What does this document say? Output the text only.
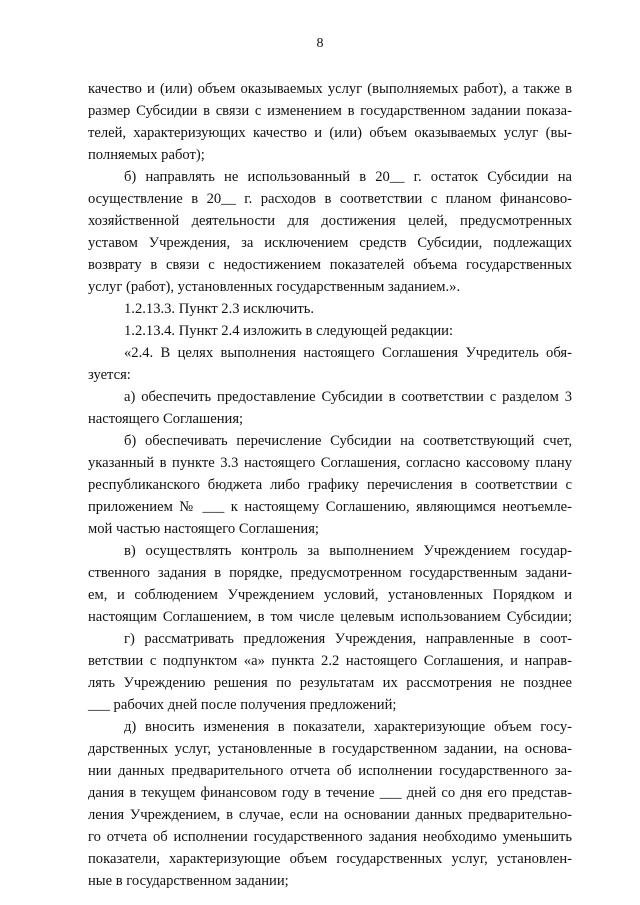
8
качество и (или) объем оказываемых услуг (выполняемых работ), а также в
размер Субсидии в связи с изменением в государственном задании показа-
телей, характеризующих качество и (или) объем оказываемых услуг (вы-
полняемых работ);
б) направлять не использованный в 20__ г. остаток Субсидии на
осуществление в 20__ г. расходов в соответствии с планом финансово-
хозяйственной деятельности для достижения целей, предусмотренных
уставом Учреждения, за исключением средств Субсидии, подлежащих
возврату в связи с недостижением показателей объема государственных
услуг (работ), установленных государственным заданием.».
1.2.13.3. Пункт 2.3 исключить.
1.2.13.4. Пункт 2.4 изложить в следующей редакции:
«2.4. В целях выполнения настоящего Соглашения Учредитель обя-
зуется:
а) обеспечить предоставление Субсидии в соответствии с разделом 3
настоящего Соглашения;
б) обеспечивать перечисление Субсидии на соответствующий счет,
указанный в пункте 3.3 настоящего Соглашения, согласно кассовому плану
республиканского бюджета либо графику перечисления в соответствии с
приложением № ___ к настоящему Соглашению, являющимся неотъемле-
мой частью настоящего Соглашения;
в) осуществлять контроль за выполнением Учреждением государ-
ственного задания в порядке, предусмотренном государственным задани-
ем, и соблюдением Учреждением условий, установленных Порядком и
настоящим Соглашением, в том числе целевым использованием Субсидии;
г) рассматривать предложения Учреждения, направленные в соот-
ветствии с подпунктом «а» пункта 2.2 настоящего Соглашения, и направ-
лять Учреждению решения по результатам их рассмотрения не позднее
___ рабочих дней после получения предложений;
д) вносить изменения в показатели, характеризующие объем госу-
дарственных услуг, установленные в государственном задании, на основа-
нии данных предварительного отчета об исполнении государственного за-
дания в текущем финансовом году в течение ___ дней со дня его представ-
ления Учреждением, в случае, если на основании данных предварительно-
го отчета об исполнении государственного задания необходимо уменьшить
показатели, характеризующие объем государственных услуг, установлен-
ные в государственном задании;
